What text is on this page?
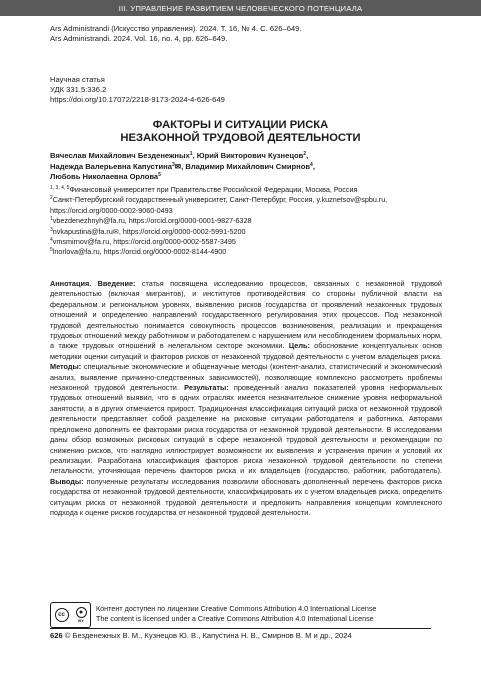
III. УПРАВЛЕНИЕ РАЗВИТИЕМ ЧЕЛОВЕЧЕСКОГО ПОТЕНЦИАЛА
Ars Administrandi (Искусство управления). 2024. Т. 16, № 4. С. 626–649.
Ars Administrandi. 2024. Vol. 16, no. 4, pp. 626–649.
Научная статья
УДК 331.5:336.2
https://doi.org/10.17072/2218-9173-2024-4-626-649
ФАКТОРЫ И СИТУАЦИИ РИСКА
НЕЗАКОННОЙ ТРУДОВОЙ ДЕЯТЕЛЬНОСТИ
Вячеслав Михайлович Безденежных$^1$, Юрий Викторович Кузнецов$^2$,
Надежда Валерьевна Капустина$^3$✉, Владимир Михайлович Смирнов$^4$,
Любовь Николаевна Орлова$^5$
$^{1, 3, 4, 5}$Финансовый университет при Правительстве Российской Федерации, Москва, Россия
$^2$Санкт-Петербургский государственный университет, Санкт-Петербург, Россия, y.kuznetsov@spbu.ru,
https://orcid.org/0000-0002-9060-0493
$^1$vbezdenezhnyh@fa.ru, https://orcid.org/0000-0001-9827-6328
$^3$nvkapustina@fa.ru✉, https://orcid.org/0000-0002-5991-5200
$^4$vmsmirnov@fa.ru, https://orcid.org/0000-0002-5587-3495
$^5$lnorlova@fa.ru, https://orcid.org/0000-0002-8144-4900

Аннотация. Введение: статья посвящена исследованию процессов, связанных с незаконной трудовой деятельностью (включая мигрантов), и институтов противодействия со стороны публичной власти на федеральном и региональном уровнях, выявлению рисков государства от проявлений незаконных трудовых отношений и определению направлений государственного регулирования этих процессов. Под незаконной трудовой деятельностью понимается совокупность процессов возникновения, реализации и прекращения трудовых отношений между работником и работодателем с нарушением или несоблюдением формальных норм, а также трудовых отношений в нелегальном секторе экономики. Цель: обоснование концептуальных основ методики оценки ситуаций и факторов рисков от незаконной трудовой деятельности с учетом владельцев риска. Методы: специальные экономические и общенаучные методы (контент-анализ, статистический и экономический анализ, выявление причинно-следственных зависимостей), позволяющие комплексно рассмотреть проблемы незаконной трудовой деятельности. Результаты: проведенный анализ показателей уровня неформальных трудовых отношений выявил, что в одних отраслях имеется незначительное снижение уровня неформальной занятости, а в других отмечается прирост. Традиционная классификация ситуаций риска от незаконной трудовой деятельности представляет собой разделение на рисковые ситуации работодателя и работника. Авторами предложено дополнить ее факторами риска государства от незаконной трудовой деятельности. В исследовании даны обзор возможных рисковых ситуаций в сфере незаконной трудовой деятельности и рекомендации по снижению рисков, что наглядно иллюстрирует возможности их выявления и устранения причин и условий их реализации. Разработана классификация факторов риска незаконной трудовой деятельности по степени легальности, уточняющая перечень факторов риска и их владельцев (государство, работник, работодатель). Выводы: полученные результаты исследования позволили обосновать дополненный перечень факторов риска государства от незаконной трудовой деятельности, классифицировать их с учетом владельцев риска, определить ситуации риска от незаконной трудовой деятельности и предложить направления концепции комплексного подхода к оценке рисков государства от незаконной трудовой деятельности.

cc	●
BY
Контент доступен по лицензии Creative Commons Attribution 4.0 International License
The content is licensed under a Creative Commons Attribution 4.0 International License
626 © Безденежных В. М., Кузнецов Ю. В., Капустина Н. В., Смирнов В. М и др., 2024
